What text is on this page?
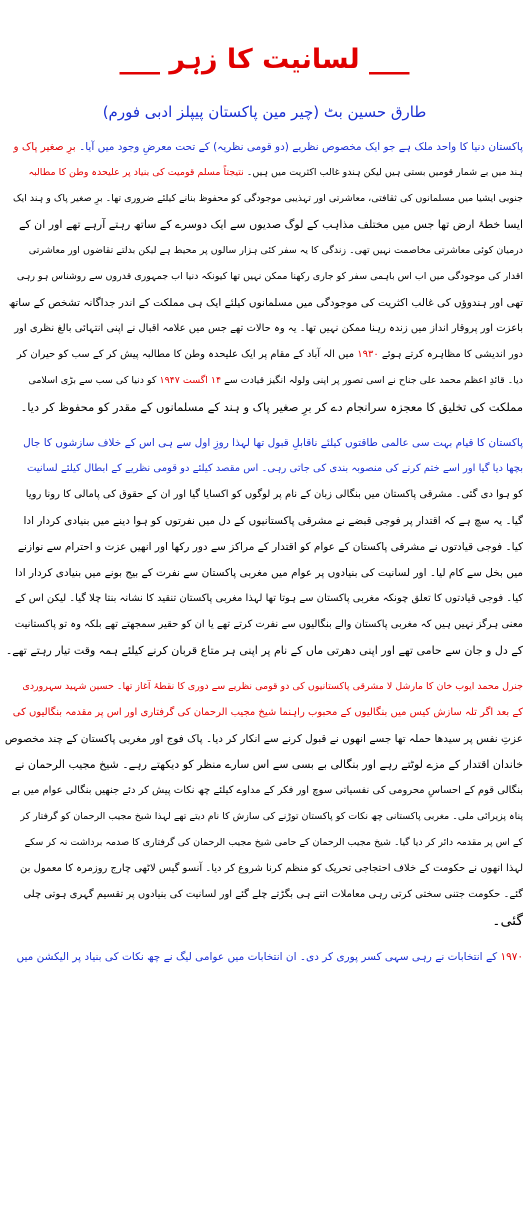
___ لسانیت کا زہر ___
طارق حسین بٹ (چیر مین پاکستان پیپلز ادبی فورم)
پاکستان دنیا کا واحد ملک ہے جو ایک مخصوص نظریے (دو قومی نظریہ) کے تحت معرضِ وجود میں آیا۔ برِ صغیر پاک و
ہند میں بے شمار قومیں بستی ہیں لیکن ہندو غالب اکثریت میں ہیں۔ نتیجتاً مسلم قومیت کی بنیاد پر علیحدہ وطن کا مطالبہ
جنوبی ایشیا میں مسلمانوں کی ثقافتی، معاشرتی اور تہذیبی موجودگی کو محفوظ بنانے کیلئے ضروری تھا۔ برِ صغیر پاک و ہند ایک
ایسا خطۂ ارض تھا جس میں مختلف مذاہب کے لوگ صدیوں سے ایک دوسرے کے ساتھ رہتے آرہے تھے اور ان کے
درمیان کوئی معاشرتی مخاصمت نہیں تھی۔ زندگی کا یہ سفر کئی ہزار سالوں پر محیط ہے لیکن بدلتے تقاضوں اور معاشرتی
اقدار کی موجودگی میں اب اس باہمی سفر کو جاری رکھنا ممکن نہیں تھا کیونکہ دنیا اب جمہوری قدروں سے روشناس ہو رہی
تھی اور ہندوؤں کی غالب اکثریت کی موجودگی میں مسلمانوں کیلئے ایک ہی مملکت کے اندر جداگانہ تشخص کے ساتھ
باعزت اور پروقار انداز میں زندہ رہنا ممکن نہیں تھا۔ یہ وہ حالات تھے جس میں علامہ اقبال نے اپنی انتہائی بالغ نظری اور
دور اندیشی کا مظاہرہ کرتے ہوئے ۱۹۳۰ میں الہ آباد کے مقام پر ایک علیحدہ وطن کا مطالبہ پیش کر کے سب کو حیران کر
دیا۔ قائدِ اعظم محمد علی جناح نے اسی تصور پر اپنی ولولہ انگیز قیادت سے ۱۴ اگست ۱۹۴۷ کو دنیا کی سب سے بڑی اسلامی
مملکت کی تخلیق کا معجزہ سرانجام دے کر برِ صغیر پاک و ہند کے مسلمانوں کے مقدر کو محفوظ کر دیا۔
پاکستان کا قیام بہت سی عالمی طاقتوں کیلئے ناقابلِ قبول تھا لہذا روزِ اول سے ہی اس کے خلاف سازشوں کا جال
بچھا دیا گیا اور اسے ختم کرنے کی منصوبہ بندی کی جاتی رہی۔ اس مقصد کیلئے دو قومی نظریے کے ابطال کیلئے لسانیت
کو ہوا دی گئی۔ مشرقی پاکستان میں بنگالی زبان کے نام پر لوگوں کو اکسایا گیا اور ان کے حقوق کی پامالی کا رونا رویا
گیا۔ یہ سچ ہے کہ اقتدار پر فوجی قبضے نے مشرقی پاکستانیوں کے دل میں نفرتوں کو ہوا دینے میں بنیادی کردار ادا
کیا۔ فوجی قیادتوں نے مشرقی پاکستان کے عوام کو اقتدار کے مراکز سے دور رکھا اور انھیں عزت و احترام سے نوازنے
میں بخل سے کام لیا۔ اور لسانیت کی بنیادوں پر عوام میں مغربی پاکستان سے نفرت کے بیج بونے میں بنیادی کردار ادا
کیا۔ فوجی قیادتوں کا تعلق چونکہ مغربی پاکستان سے ہوتا تھا لہذا مغربی پاکستان تنقید کا نشانہ بنتا چلا گیا۔ لیکن اس کے
معنی ہرگز نہیں ہیں کہ مغربی پاکستان والے بنگالیوں سے نفرت کرتے تھے یا ان کو حقیر سمجھتے تھے بلکہ وہ تو پاکستانیت
کے دل و جان سے حامی تھے اور اپنی دھرتی ماں کے نام پر اپنی ہر متاع قربان کرنے کیلئے ہمہ وقت تیار رہتے تھے۔
جنرل محمد ایوب خان کا مارشل لا مشرقی پاکستانیوں کی دو قومی نظریے سے دوری کا نقطۂ آغاز تھا۔ حسین شہید سہروردی
کے بعد اگر تلہ سازش کیس میں بنگالیوں کے محبوب راہنما شیخ مجیب الرحمان کی گرفتاری اور اس پر مقدمہ بنگالیوں کی
عزتِ نفس پر سیدھا حملہ تھا جسے انھوں نے قبول کرنے سے انکار کر دیا۔ پاک فوج اور مغربی پاکستان کے چند مخصوص
خاندان اقتدار کے مزے لوٹتے رہے اور بنگالی بے بسی سے اس سارے منظر کو دیکھتے رہے۔ شیخ مجیب الرحمان نے
بنگالی قوم کے احساسِ محرومی کی نفسیاتی سوچ اور فکر کے مداوے کیلئے چھ نکات پیش کر دئے جنھیں بنگالی عوام میں بے
پناہ پزیرائی ملی۔ مغربی پاکستانی چھ نکات کو پاکستان توڑنے کی سازش کا نام دیتے تھے لہذا شیخ مجیب الرحمان کو گرفتار کر
کے اس پر مقدمہ دائر کر دیا گیا۔ شیخ مجیب الرحمان کے حامی شیخ مجیب الرحمان کی گرفتاری کا صدمہ برداشت نہ کر سکے
لہذا انھوں نے حکومت کے خلاف احتجاجی تحریک کو منظم کرنا شروع کر دیا۔ آنسو گیس لاٹھی چارج روزمرہ کا معمول بن
گئے۔ حکومت جتنی سختی کرتی رہی معاملات اتنے ہی بگڑتے چلے گئے اور لسانیت کی بنیادوں پر تقسیم گہری ہوتی چلی
گئی۔
۱۹۷۰ کے انتخابات نے رہی سہی کسر پوری کر دی۔ ان انتخابات میں عوامی لیگ نے چھ نکات کی بنیاد پر الیکشن میں
